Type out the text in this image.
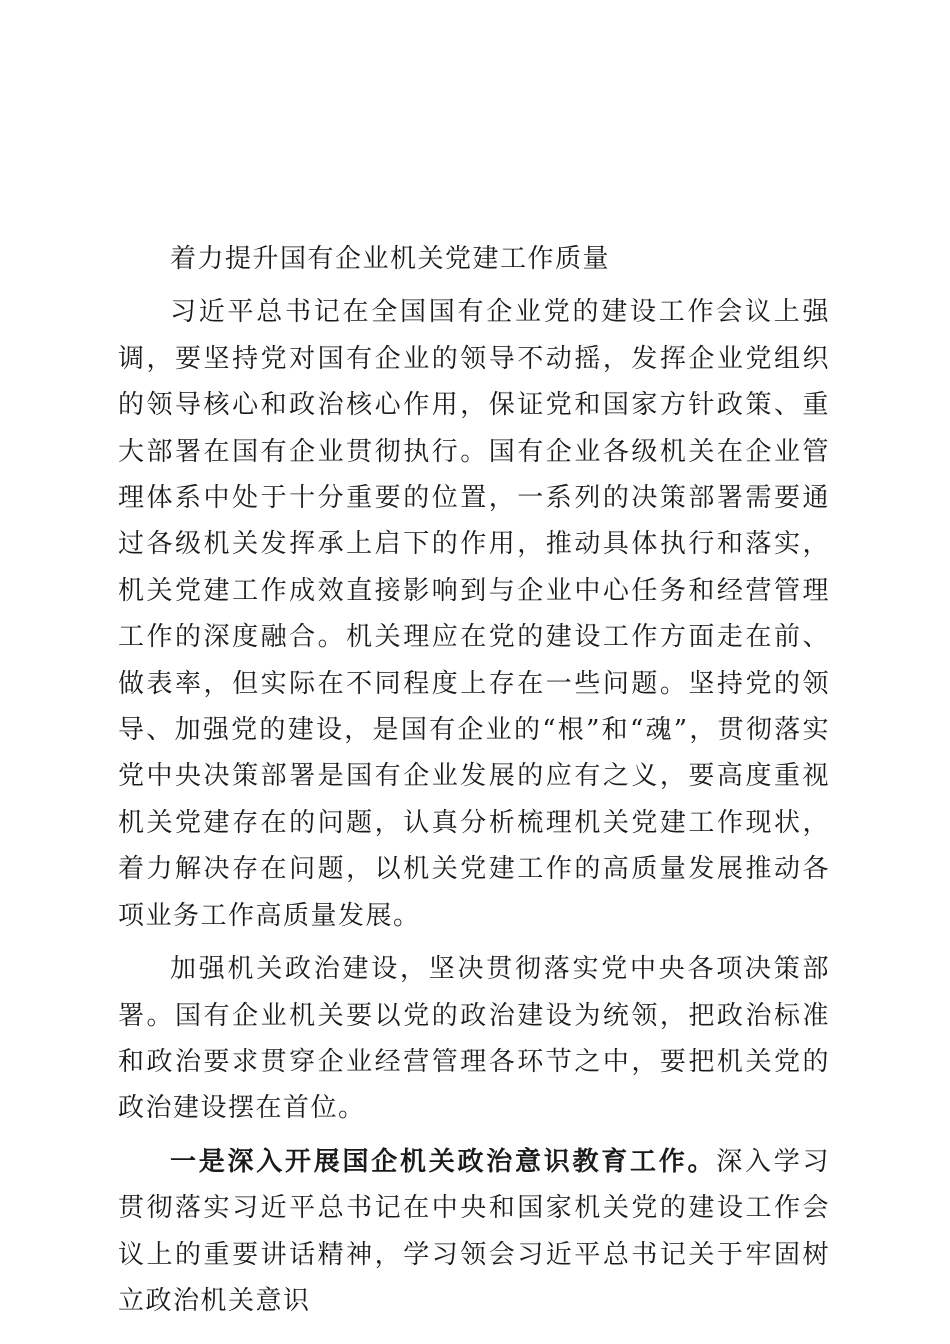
着力提升国有企业机关党建工作质量

习近平总书记在全国国有企业党的建设工作会议上强调，要坚持党对国有企业的领导不动摇，发挥企业党组织的领导核心和政治核心作用，保证党和国家方针政策、重大部署在国有企业贯彻执行。国有企业各级机关在企业管理体系中处于十分重要的位置，一系列的决策部署需要通过各级机关发挥承上启下的作用，推动具体执行和落实，机关党建工作成效直接影响到与企业中心任务和经营管理工作的深度融合。机关理应在党的建设工作方面走在前、做表率，但实际在不同程度上存在一些问题。坚持党的领导、加强党的建设，是国有企业的“根”和“魂”，贯彻落实党中央决策部署是国有企业发展的应有之义，要高度重视机关党建存在的问题，认真分析梳理机关党建工作现状，着力解决存在问题，以机关党建工作的高质量发展推动各项业务工作高质量发展。

加强机关政治建设，坚决贯彻落实党中央各项决策部署。国有企业机关要以党的政治建设为统领，把政治标准和政治要求贯穿企业经营管理各环节之中，要把机关党的政治建设摆在首位。

一是深入开展国企机关政治意识教育工作。深入学习贯彻落实习近平总书记在中央和国家机关党的建设工作会议上的重要讲话精神，学习领会习近平总书记关于牢固树立政治机关意识
